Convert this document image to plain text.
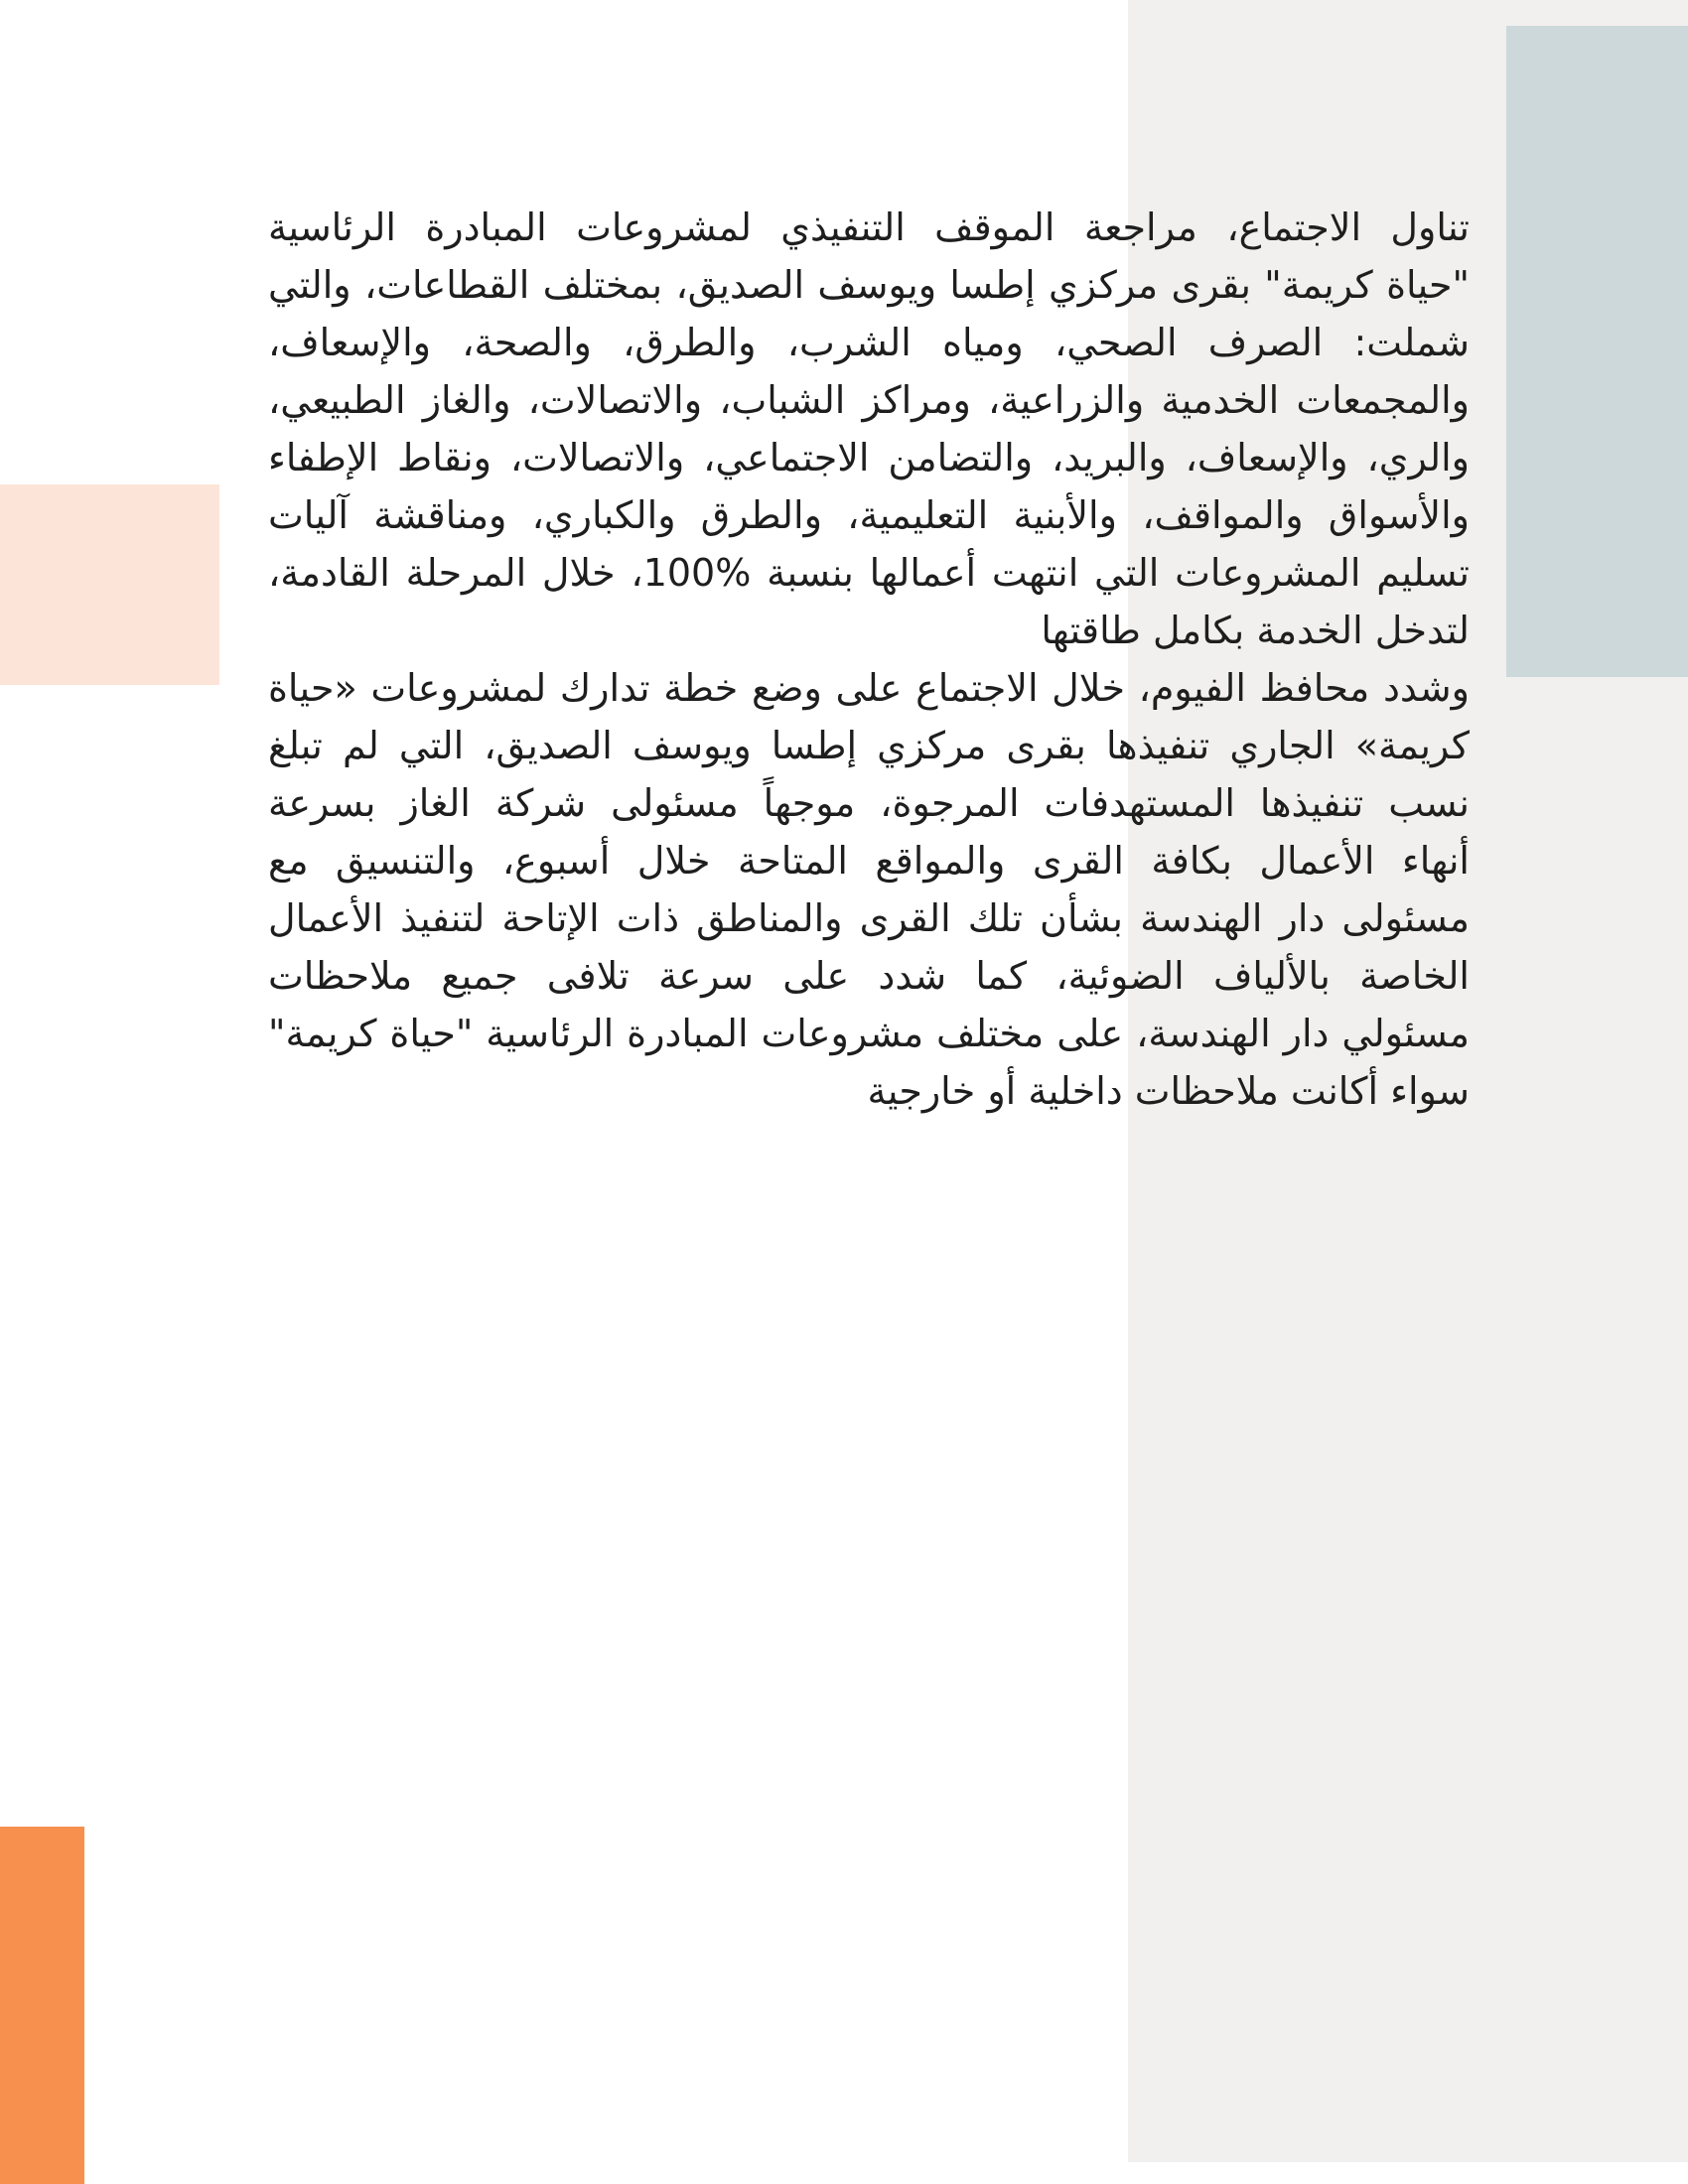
تناول الاجتماع، مراجعة الموقف التنفيذي لمشروعات المبادرة الرئاسية
"حياة كريمة" بقرى مركزي إطسا ويوسف الصديق، بمختلف القطاعات، والتي
شملت: الصرف الصحي، ومياه الشرب، والطرق، والصحة، والإسعاف،
والمجمعات الخدمية والزراعية، ومراكز الشباب، والاتصالات، والغاز الطبيعي،
والري، والإسعاف، والبريد، والتضامن الاجتماعي، والاتصالات، ونقاط الإطفاء
والأسواق والمواقف، والأبنية التعليمية، والطرق والكباري، ومناقشة آليات
تسليم المشروعات التي انتهت أعمالها بنسبة %100، خلال المرحلة القادمة،
لتدخل الخدمة بكامل طاقتها
وشدد محافظ الفيوم، خلال الاجتماع على وضع خطة تدارك لمشروعات «حياة
كريمة» الجاري تنفيذها بقرى مركزي إطسا ويوسف الصديق، التي لم تبلغ
نسب تنفيذها المستهدفات المرجوة، موجهاً مسئولى شركة الغاز بسرعة
أنهاء الأعمال بكافة القرى والمواقع المتاحة خلال أسبوع، والتنسيق مع
مسئولى دار الهندسة بشأن تلك القرى والمناطق ذات الإتاحة لتنفيذ الأعمال
الخاصة بالألياف الضوئية، كما شدد على سرعة تلافى جميع ملاحظات
مسئولي دار الهندسة، على مختلف مشروعات المبادرة الرئاسية "حياة كريمة"
سواء أكانت ملاحظات داخلية أو خارجية
